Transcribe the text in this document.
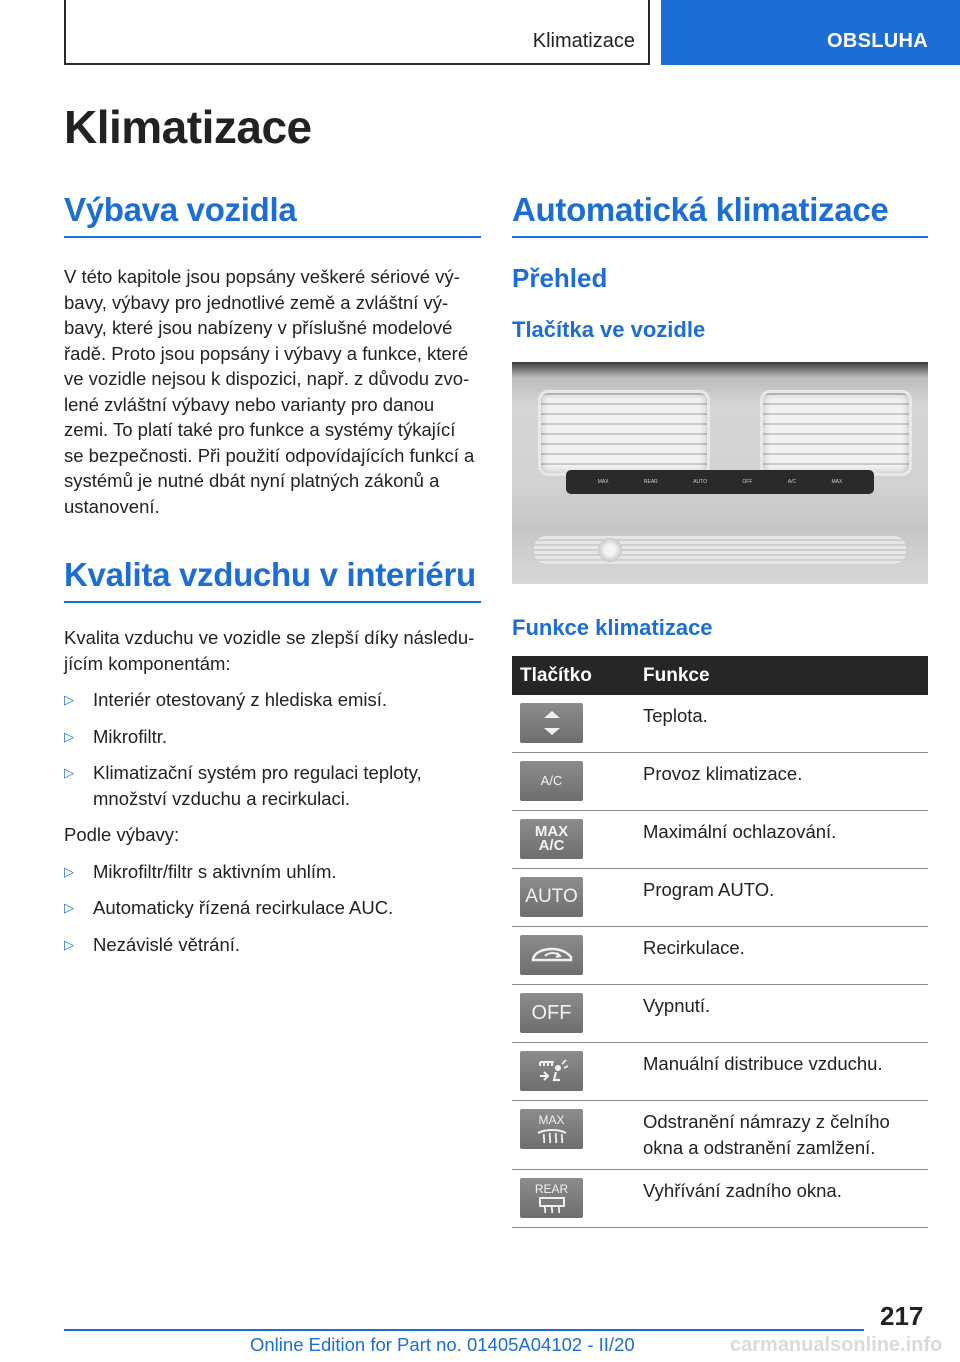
Klimatizace	OBSLUHA
Klimatizace
Výbava vozidla

V této kapitole jsou popsány veškeré sériové vý‐
bavy, výbavy pro jednotlivé země a zvláštní vý‐
bavy, které jsou nabízeny v příslušné modelové
řadě. Proto jsou popsány i výbavy a funkce, které
ve vozidle nejsou k dispozici, např. z důvodu zvo‐
lené zvláštní výbavy nebo varianty pro danou
zemi. To platí také pro funkce a systémy týkající
se bezpečnosti. Při použití odpovídajících funkcí a
systémů je nutné dbát nyní platných zákonů a
ustanovení.

Kvalita vzduchu v interiéru

Kvalita vzduchu ve vozidle se zlepší díky následu‐
jícím komponentám:

▷ Interiér otestovaný z hlediska emisí.
▷ Mikrofiltr.
▷ Klimatizační systém pro regulaci teploty,
množství vzduchu a recirkulaci.

Podle výbavy:

▷ Mikrofiltr/filtr s aktivním uhlím.
▷ Automaticky řízená recirkulace AUC.
▷ Nezávislé větrání.
Automatická klimatizace
Přehled
Tlačítka ve vozidle
MAX	REAR	AUTO	OFF	A/C	MAX
Funkce klimatizace
Tlačítko	Funkce

	Teplota.

A/C	Provoz klimatizace.

MAX
A/C	Maximální ochlazování.

AUTO	Program AUTO.

	Recirkulace.

OFF	Vypnutí.

	Manuální distribuce vzduchu.

MAX	Odstranění námrazy z čelního
okna a odstranění zamlžení.

REAR	Vyhřívání zadního okna.
217
Online Edition for Part no. 01405A04102 - II/20	carmanualsonline.info
